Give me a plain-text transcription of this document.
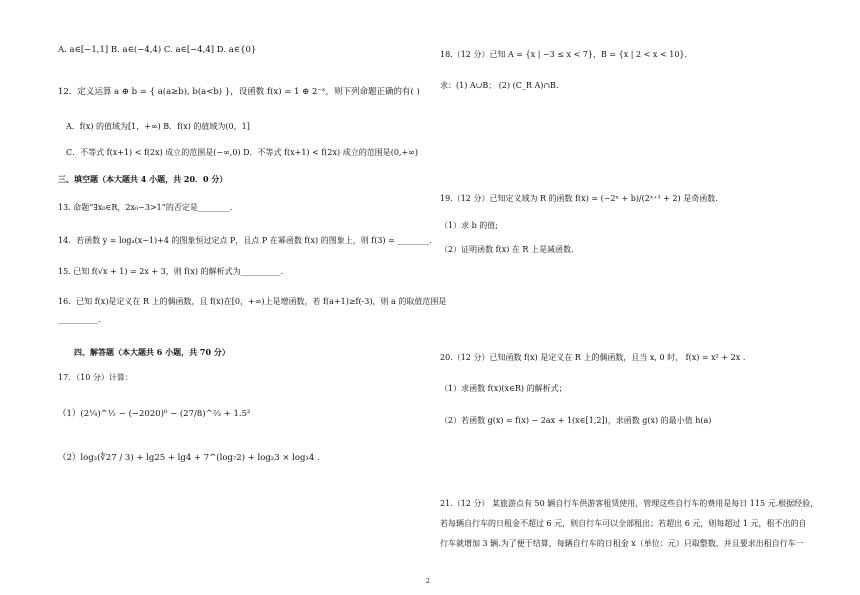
A. a∈[−1,1] B. a∈(−4,4) C. a∈[−4,4] D. a∈{0}
12．定义运算 a ⊕ b = { a(a≥b), b(a<b) }，设函数 f(x) = 1 ⊕ 2⁻ˣ，则下列命题正确的有( )
A．f(x) 的值域为[1，+∞) B．f(x) 的值域为(0，1]
C．不等式 f(x+1) < f(2x) 成立的范围是(−∞,0) D．不等式 f(x+1) < f(2x) 成立的范围是(0,+∞)
三、填空题（本大题共 4 小题，共 20．0 分）
13. 命题“∃x₀∈R，2x₀−3>1”的否定是________.
14．若函数 y = logₐ(x−1)+4 的图象恒过定点 P，且点 P 在幂函数 f(x) 的图象上，则 f(3) = ________.
15. 已知 f(√x + 1) = 2x + 3，则 f(x) 的解析式为__________.
16．已知 f(x)是定义在 R 上的偶函数，且 f(x)在[0，+∞)上是增函数，若 f(a+1)≥f(-3)，则 a 的取值范围是
__________.
四、解答题（本大题共 6 小题，共 70 分）
17．（10 分）计算：
（1）(2¼)^½ − (−2020)⁰ − (27/8)^⅔ + 1.5²
（2）log₃(∜27 / 3) + lg25 + lg4 + 7^(log₇2) + log₂3 × log₃4 .
18.（12 分）已知 A = {x | −3 ≤ x < 7}，B = {x | 2 < x < 10}.
求：(1) A∪B； (2) (C_R A)∩B.
19.（12 分）已知定义域为 R 的函数 f(x) = (−2ˣ + b)/(2ˣ⁺¹ + 2) 是奇函数.
（1）求 b 的值;
（2）证明函数 f(x) 在 R 上是减函数.
20.（12 分）已知函数 f(x) 是定义在 R 上的偶函数，且当 x, 0 时， f(x) = x² + 2x .
（1）求函数 f(x)(x∈R) 的解析式；
（2）若函数 g(x) = f(x) − 2ax + 1(x∈[1,2])，求函数 g(x) 的最小值 h(a)
21.（12 分） 某旅游点有 50 辆自行车供游客租赁使用，管理这些自行车的费用是每日 115 元.根据经验，
若每辆自行车的日租金不超过 6 元，则自行车可以全部租出；若超出 6 元，则每超过 1 元，租不出的自
行车就增加 3 辆.为了便于结算，每辆自行车的日租金 x（单位：元）只取整数，并且要求出租自行车一
2
